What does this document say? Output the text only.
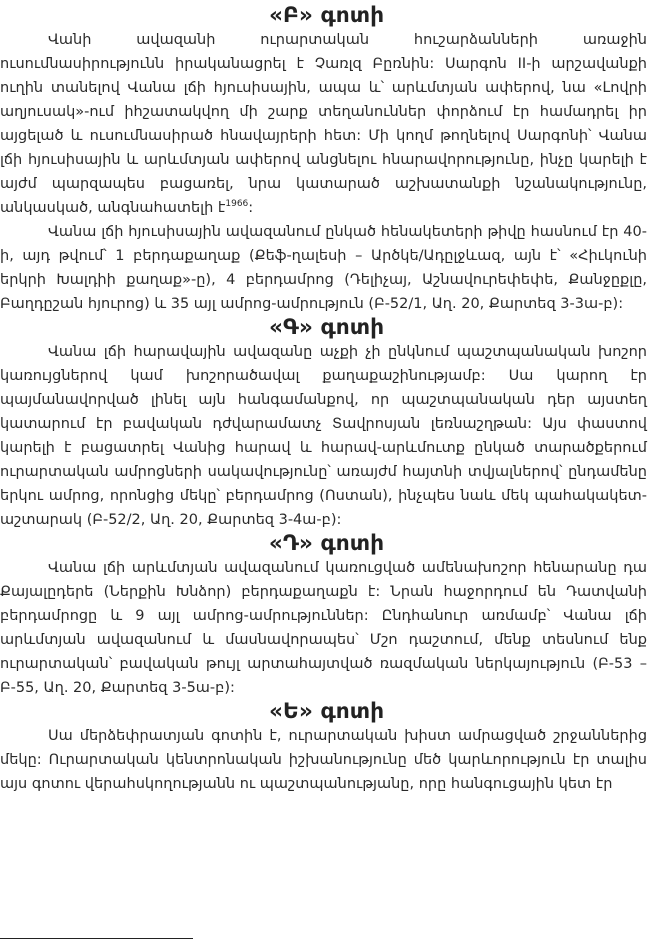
«Բ» գոտի

Վանի ավազանի ուրարտական հուշարձանների առաջին ուսումնասիրությունն իրականացրել է Չառլզ Բըռնին: Սարգոն II-ի արշավանքի ուղին տանելով Վանա լճի հյուսիսային, ապա և՝ արևմտյան ափերով, նա «Լովրի աղյուսակ»-ում իհշատակվող մի շարք տեղանուններ փորձում էր համադրել իր այցելած և ուսումնասիրած հնավայրերի հետ: Մի կողմ թողնելով Սարգոնի՝ Վանա լճի հյուսիսային և արևմտյան ափերով անցնելու հնարավորությունը, ինչը կարելի է այժմ պարզապես բացառել, նրա կատարած աշխատանքի նշանակությունը, անկասկած, անգնահատելի է$^{1966}$:

Վանա լճի հյուսիսային ավազանում ընկած հենակետերի թիվը հասնում էր 40-ի, այդ թվում՝ 1 բերդաքաղաք (Քեֆ-ղալեսի – Արծկե/Ադըլջևազ, այն է՝ «Հիւկունի երկրի Խալդիի քաղաք»-ը), 4 բերդամրոց (Դելիչայ, Աշնավուրեփեփե, Քանջըքլը, Բաղդըշան հյուրոց) և 35 այլ ամրոց-ամրություն (Բ-52/1, Աղ. 20, Քարտեզ 3-3ա-բ):

«Գ» գոտի

Վանա լճի հարավային ավազանը աչքի չի ընկնում պաշտպանական խոշոր կառույցներով կամ խոշորածավալ քաղաքաշինությամբ: Սա կարող էր պայմանավորված լինել այն հանգամանքով, որ պաշտպանական դեր այստեղ կատարում էր բավական դժվարամատչ Տավրոսյան լեռնաշղթան: Այս փաստով կարելի է բացատրել Վանից հարավ և հարավ-արևմուտք ընկած տարածքերում ուրարտական ամրոցների սակավությունը՝ առայժմ հայտնի տվյալներով՝ ընդամենը երկու ամրոց, որոնցից մեկը՝ բերդամրոց (Ոստան), ինչպես նաև մեկ պահակակետ-աշտարակ (Բ-52/2, Աղ. 20, Քարտեզ 3-4ա-բ):

«Դ» գոտի

Վանա լճի արևմտյան ավազանում կառուցված ամենախոշոր հենարանը դա Քայալըդերե (Ներքին Խնձոր) բերդաքաղաքն է: Նրան հաջորդում են Դատվանի բերդամրոցը և 9 այլ ամրոց-ամրություններ: Ընդհանուր առմամբ՝ Վանա լճի արևմտյան ավազանում և մասնավորապես՝ Մշո դաշտում, մենք տեսնում ենք ուրարտական՝ բավական թույլ արտահայտված ռազմական ներկայություն (Բ-53 – Բ-55, Աղ. 20, Քարտեզ 3-5ա-բ):

«Ե» գոտի

Սա մերձեփրատյան գոտին է, ուրարտական խիստ ամրացված շրջաններից մեկը: Ուրարտական կենտրոնական իշխանությունը մեծ կարևորություն էր տալիս այս գոտու վերահսկողությանն ու պաշտպանությանը, որը հանգուցային կետ էր
